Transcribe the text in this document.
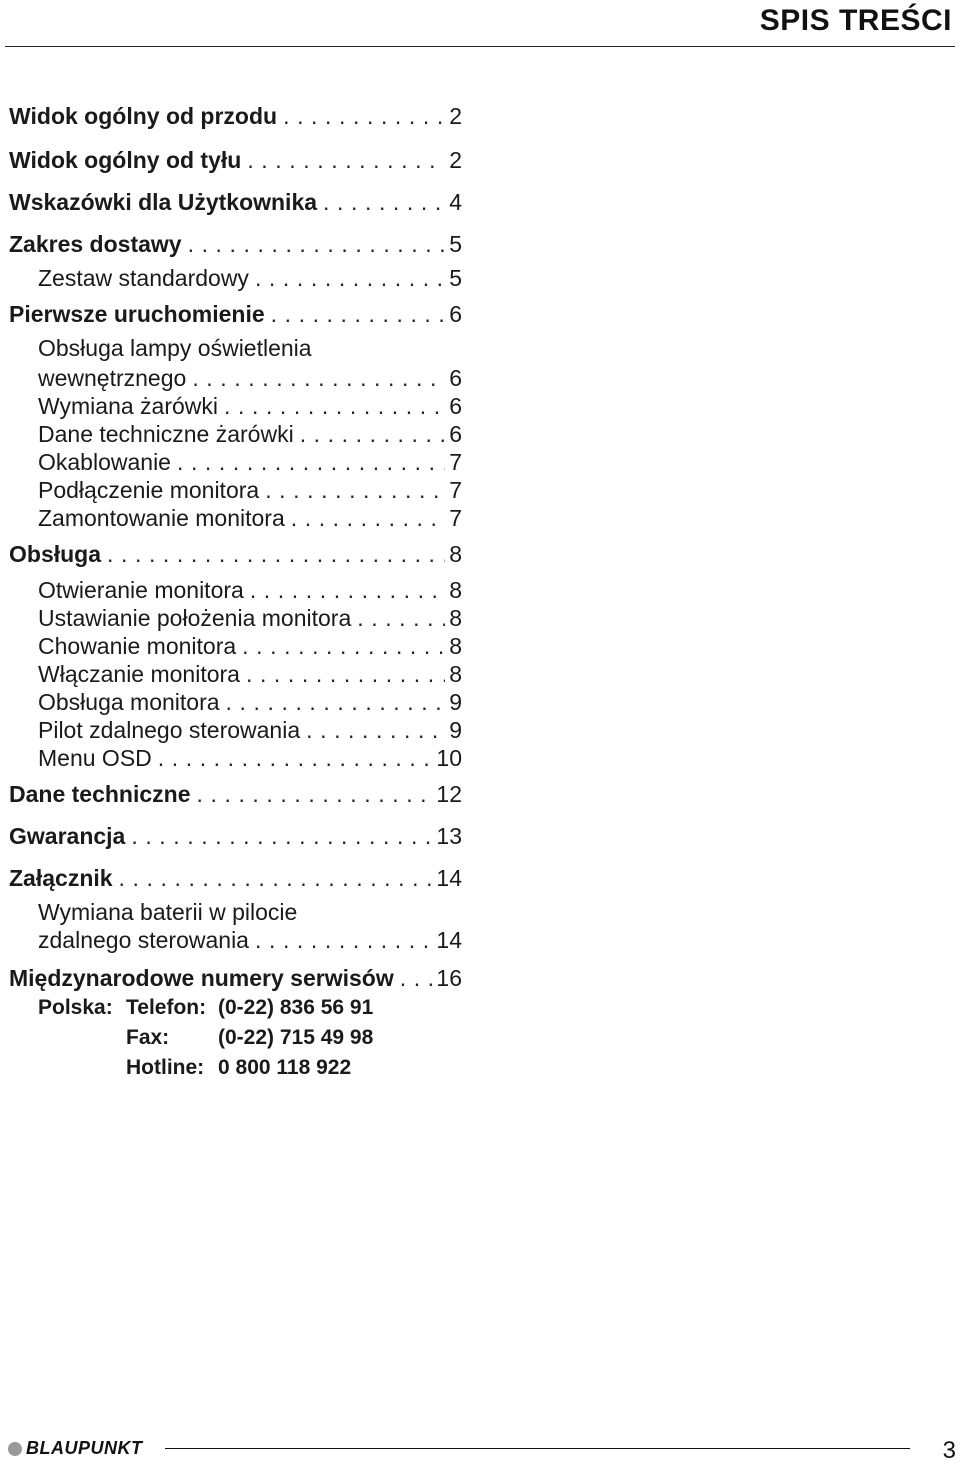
SPIS TREŚCI
Widok ogólny od przodu . . .	2
Widok ogólny od tyłu . . .	2
Wskazówki dla Użytkownika . . .	4
Zakres dostawy . . .	5
Zestaw standardowy . . .	5
Pierwsze uruchomienie . . .	6
Obsługa lampy oświetlenia
wewnętrznego . . .	6
Wymiana żarówki . . .	6
Dane techniczne żarówki . . .	6
Okablowanie . . .	7
Podłączenie monitora . . .	7
Zamontowanie monitora . . .	7
Obsługa . . .	8
Otwieranie monitora . . .	8
Ustawianie położenia monitora . . .	8
Chowanie monitora . . .	8
Włączanie monitora . . .	8
Obsługa monitora . . .	9
Pilot zdalnego sterowania . . .	9
Menu OSD . . .	10
Dane techniczne . . .	12
Gwarancja . . .	13
Załącznik . . .	14
Wymiana baterii w pilocie
zdalnego sterowania . . .	14
Międzynarodowe numery serwisów . . . 16
Polska: Telefon: (0-22) 836 56 91
Fax: (0-22) 715 49 98
Hotline: 0 800 118 922
BLAUPUNKT	3
